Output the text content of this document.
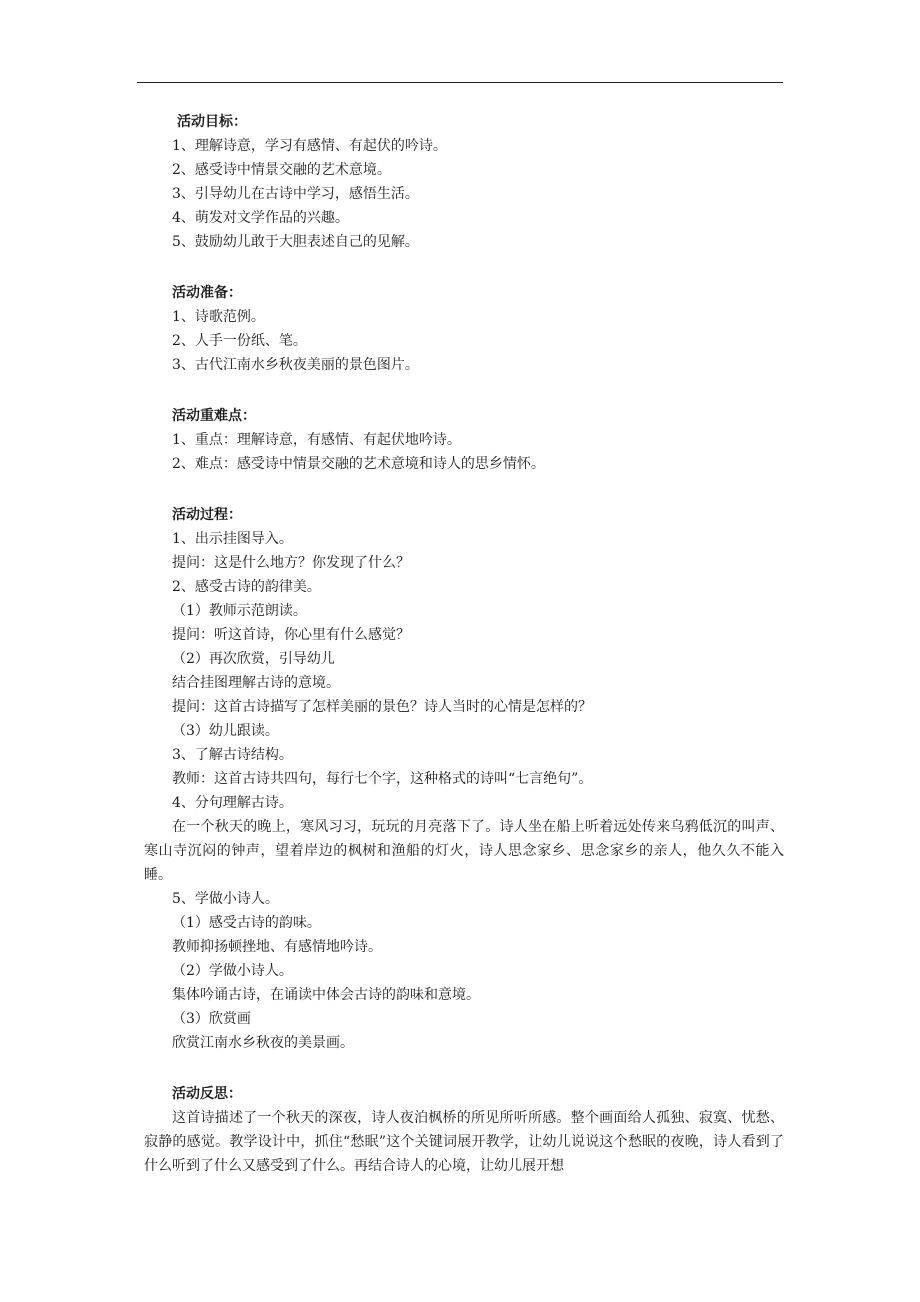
活动目标：
1、理解诗意，学习有感情、有起伏的吟诗。
2、感受诗中情景交融的艺术意境。
3、引导幼儿在古诗中学习，感悟生活。
4、萌发对文学作品的兴趣。
5、鼓励幼儿敢于大胆表述自己的见解。
活动准备：
1、诗歌范例。
2、人手一份纸、笔。
3、古代江南水乡秋夜美丽的景色图片。
活动重难点：
1、重点：理解诗意，有感情、有起伏地吟诗。
2、难点：感受诗中情景交融的艺术意境和诗人的思乡情怀。
活动过程：
1、出示挂图导入。
提问：这是什么地方？你发现了什么？
2、感受古诗的韵律美。
（1）教师示范朗读。
提问：听这首诗，你心里有什么感觉？
（2）再次欣赏，引导幼儿
结合挂图理解古诗的意境。
提问：这首古诗描写了怎样美丽的景色？诗人当时的心情是怎样的？
（3）幼儿跟读。
3、了解古诗结构。
教师：这首古诗共四句，每行七个字，这种格式的诗叫“七言绝句”。
4、分句理解古诗。
在一个秋天的晚上，寒风习习，玩玩的月亮落下了。诗人坐在船上听着远处传来乌鸦低沉的叫声、寒山寺沉闷的钟声，望着岸边的枫树和渔船的灯火，诗人思念家乡、思念家乡的亲人，他久久不能入睡。
5、学做小诗人。
（1）感受古诗的韵味。
教师抑扬顿挫地、有感情地吟诗。
（2）学做小诗人。
集体吟诵古诗，在诵读中体会古诗的韵味和意境。
（3）欣赏画
欣赏江南水乡秋夜的美景画。
活动反思：
这首诗描述了一个秋天的深夜，诗人夜泊枫桥的所见所听所感。整个画面给人孤独、寂寞、忧愁、寂静的感觉。教学设计中，抓住“愁眠”这个关键词展开教学，让幼儿说说这个愁眠的夜晚，诗人看到了什么听到了什么又感受到了什么。再结合诗人的心境，让幼儿展开想
